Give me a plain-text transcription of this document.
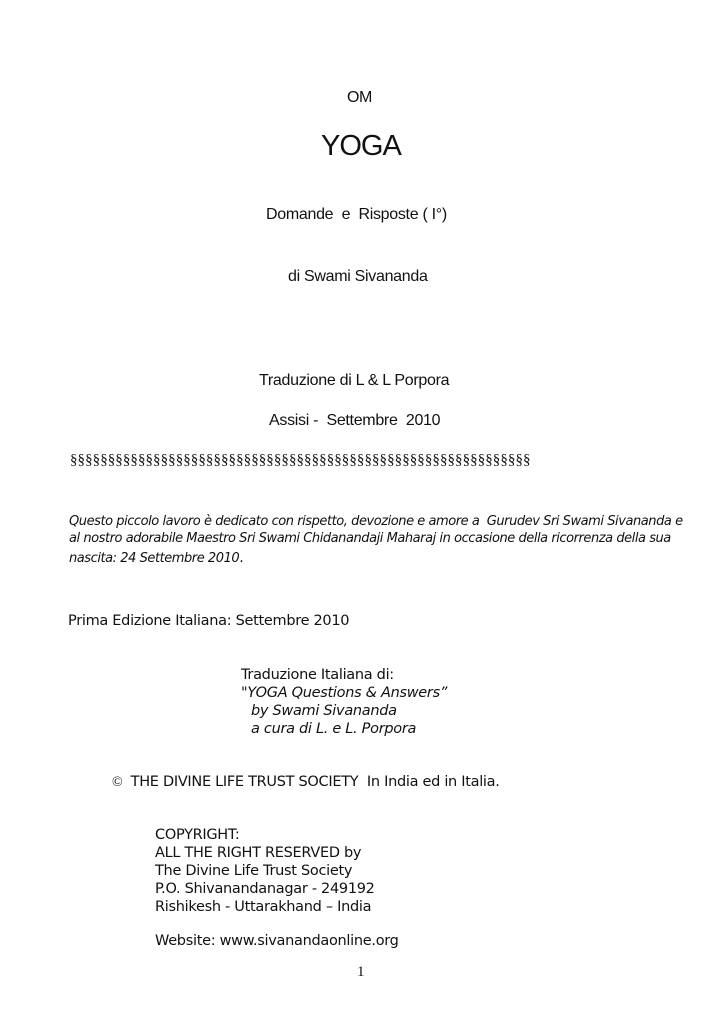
OM
YOGA
Domande  e  Risposte ( I°)
di Swami Sivananda
Traduzione di L & L Porpora
Assisi -  Settembre  2010
§§§§§§§§§§§§§§§§§§§§§§§§§§§§§§§§§§§§§§§§§§§§§§§§§§§§§§§§§§§§§
Questo piccolo lavoro è dedicato con rispetto, devozione e amore a  Gurudev Sri Swami Sivananda e
al nostro adorabile Maestro Sri Swami Chidanandaji Maharaj in occasione della ricorrenza della sua
nascita: 24 Settembre 2010.
Prima Edizione Italiana: Settembre 2010
Traduzione Italiana di:
"YOGA Questions & Answers”
by Swami Sivananda
a cura di L. e L. Porpora
© THE DIVINE LIFE TRUST SOCIETY  In India ed in Italia.
COPYRIGHT:
ALL THE RIGHT RESERVED by
The Divine Life Trust Society
P.O. Shivanandanagar - 249192
Rishikesh - Uttarakhand – India
Website: www.sivanandaonline.org
1
